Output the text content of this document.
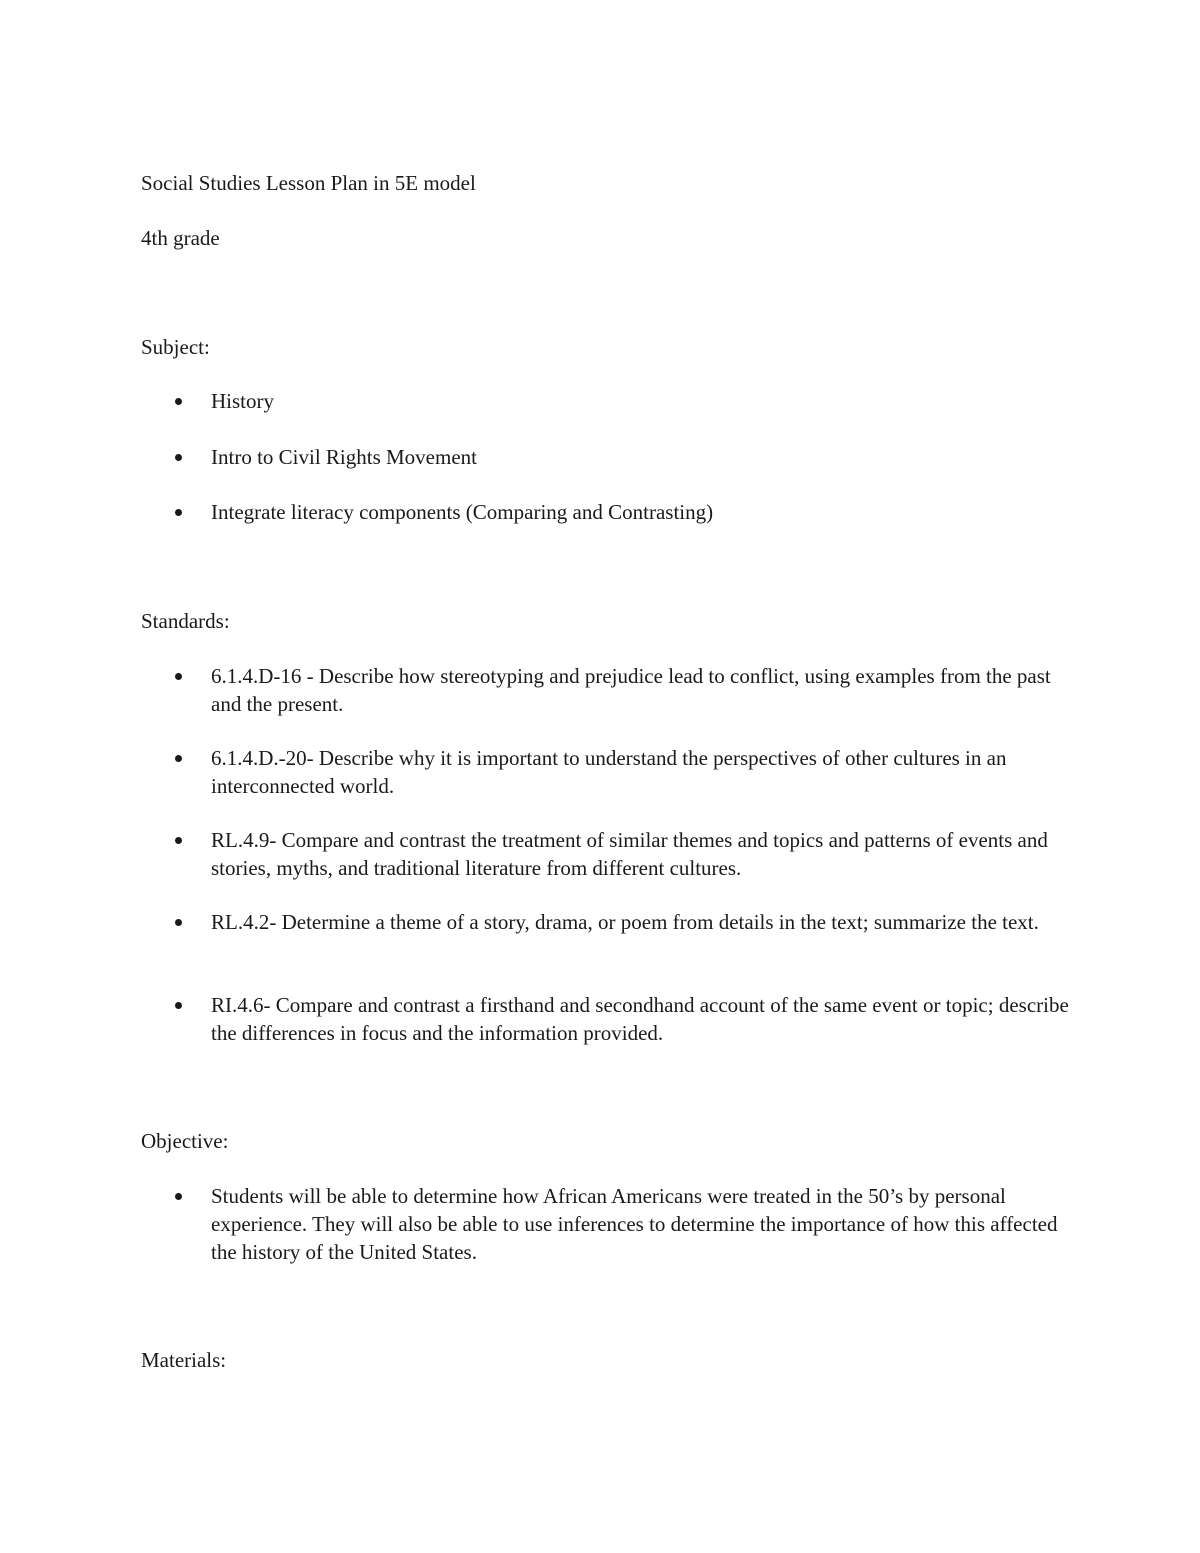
Social Studies Lesson Plan in 5E model

4th grade

Subject:

History
Intro to Civil Rights Movement
Integrate literacy components (Comparing and Contrasting)

Standards:

6.1.4.D-16 - Describe how stereotyping and prejudice lead to conflict, using examples from the past and the present.
6.1.4.D.-20- Describe why it is important to understand the perspectives of other cultures in an interconnected world.
RL.4.9- Compare and contrast the treatment of similar themes and topics and patterns of events and stories, myths, and traditional literature from different cultures.
RL.4.2- Determine a theme of a story, drama, or poem from details in the text; summarize the text.
RI.4.6- Compare and contrast a firsthand and secondhand account of the same event or topic; describe the differences in focus and the information provided.

Objective:

Students will be able to determine how African Americans were treated in the 50’s by personal experience. They will also be able to use inferences to determine the importance of how this affected the history of the United States.

Materials:
